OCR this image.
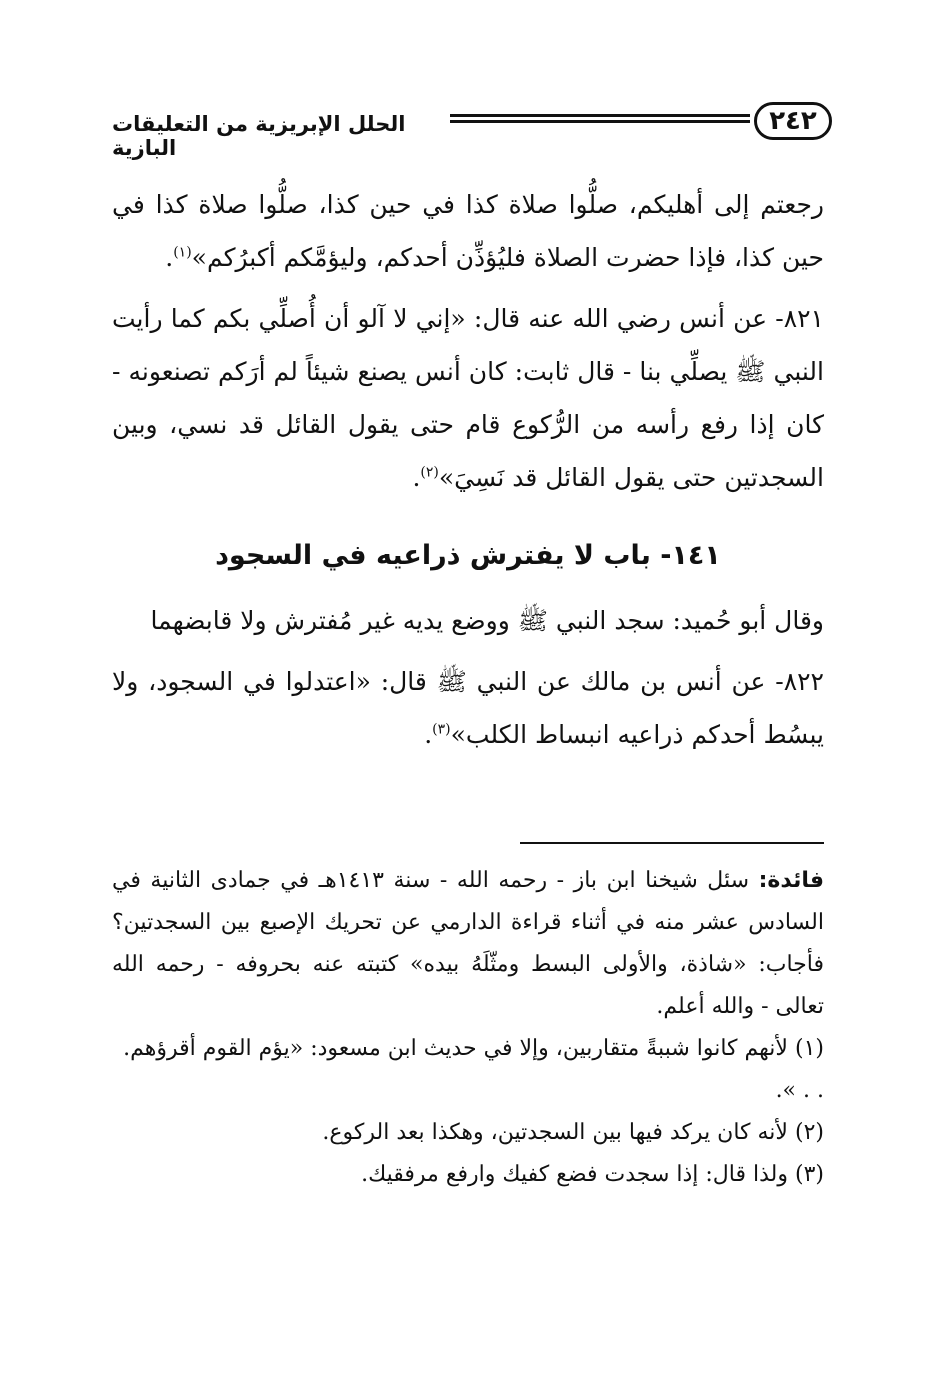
٢٤٢
الحلل الإبريزية من التعليقات البازية

رجعتم إلى أهليكم، صلُّوا صلاة كذا في حين كذا، صلُّوا صلاة كذا في حين كذا، فإذا حضرت الصلاة فليُؤذِّن أحدكم، وليؤمَّكم أكبرُكم»$^{(١)}$.

٨٢١- عن أنس رضي الله عنه قال: «إني لا آلو أن أُصلِّي بكم كما رأيت النبي ﷺ يصلِّي بنا - قال ثابت: كان أنس يصنع شيئاً لم أرَكم تصنعونه - كان إذا رفع رأسه من الرُّكوع قام حتى يقول القائل قد نسي، وبين السجدتين حتى يقول القائل قد نَسِيَ»$^{(٢)}$.

١٤١- باب لا يفترش ذراعيه في السجود

وقال أبو حُميد: سجد النبي ﷺ ووضع يديه غير مُفترش ولا قابضهما

٨٢٢- عن أنس بن مالك عن النبي ﷺ قال: «اعتدلوا في السجود، ولا يبسُط أحدكم ذراعيه انبساط الكلب»$^{(٣)}$.

فائدة: سئل شيخنا ابن باز - رحمه الله - سنة ١٤١٣هـ في جمادى الثانية في السادس عشر منه في أثناء قراءة الدارمي عن تحريك الإصبع بين السجدتين؟ فأجاب: «شاذة، والأولى البسط ومثّلَهُ بيده» كتبته عنه بحروفه - رحمه الله تعالى - والله أعلم.

(١) لأنهم كانوا شببةً متقاربين، وإلا في حديث ابن مسعود: «يؤم القوم أقرؤهم. . . ».

(٢) لأنه كان يركد فيها بين السجدتين، وهكذا بعد الركوع.

(٣) ولذا قال: إذا سجدت فضع كفيك وارفع مرفقيك.
